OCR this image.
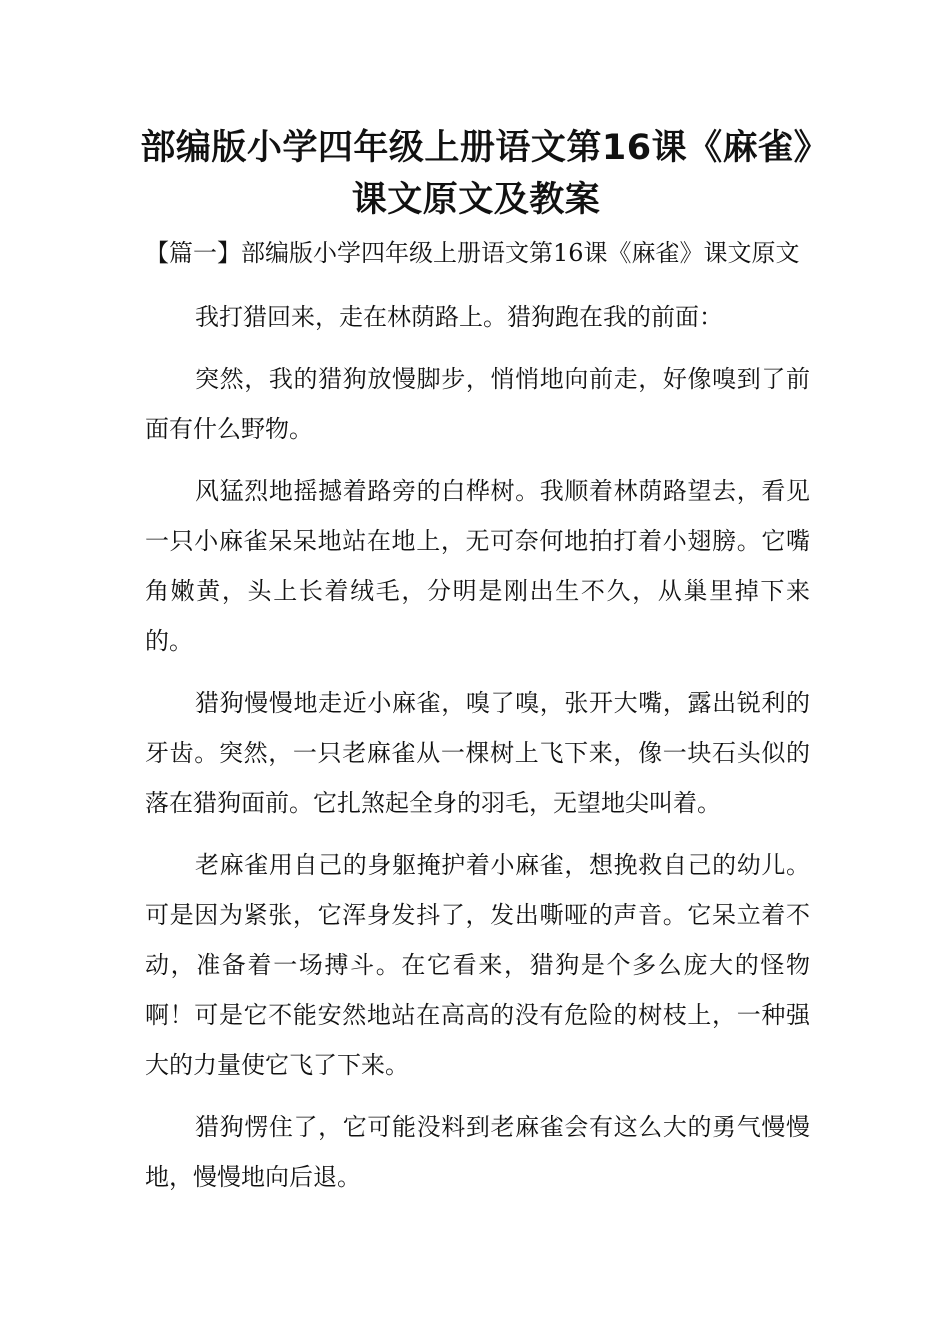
部编版小学四年级上册语文第16课《麻雀》课文原文及教案

【篇一】部编版小学四年级上册语文第16课《麻雀》课文原文

我打猎回来，走在林荫路上。猎狗跑在我的前面：

突然，我的猎狗放慢脚步，悄悄地向前走，好像嗅到了前面有什么野物。

风猛烈地摇撼着路旁的白桦树。我顺着林荫路望去，看见一只小麻雀呆呆地站在地上，无可奈何地拍打着小翅膀。它嘴角嫩黄，头上长着绒毛，分明是刚出生不久，从巢里掉下来的。

猎狗慢慢地走近小麻雀，嗅了嗅，张开大嘴，露出锐利的牙齿。突然，一只老麻雀从一棵树上飞下来，像一块石头似的落在猎狗面前。它扎煞起全身的羽毛，无望地尖叫着。

老麻雀用自己的身躯掩护着小麻雀，想挽救自己的幼儿。可是因为紧张，它浑身发抖了，发出嘶哑的声音。它呆立着不动，准备着一场搏斗。在它看来，猎狗是个多么庞大的怪物啊！可是它不能安然地站在高高的没有危险的树枝上，一种强大的力量使它飞了下来。

猎狗愣住了，它可能没料到老麻雀会有这么大的勇气慢慢地，慢慢地向后退。
